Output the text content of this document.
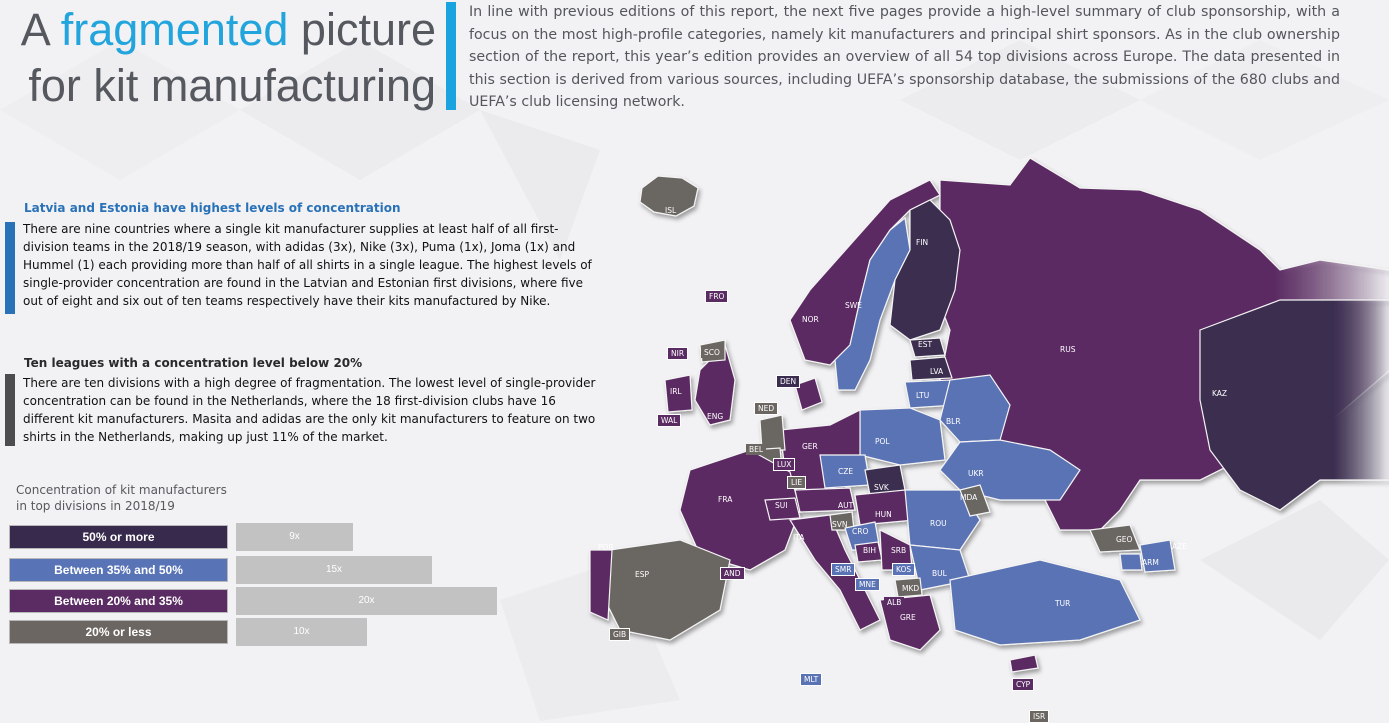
A fragmented picture
for kit manufacturing
In line with previous editions of this report, the next five pages provide a high-level summary of club sponsorship, with a focus on the most high-profile categories, namely kit manufacturers and principal shirt sponsors. As in the club ownership section of the report, this year’s edition provides an overview of all 54 top divisions across Europe. The data presented in this section is derived from various sources, including UEFA’s sponsorship database, the submissions of the 680 clubs and UEFA’s club licensing network.
Latvia and Estonia have highest levels of concentration

There are nine countries where a single kit manufacturer supplies at least half of all first-division teams in the 2018/19 season, with adidas (3x), Nike (3x), Puma (1x), Joma (1x) and Hummel (1) each providing more than half of all shirts in a single league. The highest levels of single-provider concentration are found in the Latvian and Estonian first divisions, where five out of eight and six out of ten teams respectively have their kits manufactured by Nike.

Ten leagues with a concentration level below 20%

There are ten divisions with a high degree of fragmentation. The lowest level of single-provider concentration can be found in the Netherlands, where the 18 first-division clubs have 16 different kit manufacturers. Masita and adidas are the only kit manufacturers to feature on two shirts in the Netherlands, making up just 11% of the market.

Concentration of kit manufacturers
in top divisions in 2018/19
50% or more	9x
Between 35% and 50%	15x
Between 20% and 35%	20x
20% or less	10x
ISL
FIN
SWE
NOR
RUS
KAZ
EST
LVA
LTU
BLR
POL
GER
UKR
CZE
SVK
MDA
FRA
SUI	AUT
HUN
ROU
SVN
CRO
ITA
BIH SRB
GEO
AZE
ARM
POR
ESP	BUL
MKD
GRE
TUR
ENG
IRL
FRO
NIR	SCO
DEN
WAL
NED
BEL
LUX
LIE
AND	SMR	KOS
MNE
ALB
GIB
MLT
CYP
ISR
